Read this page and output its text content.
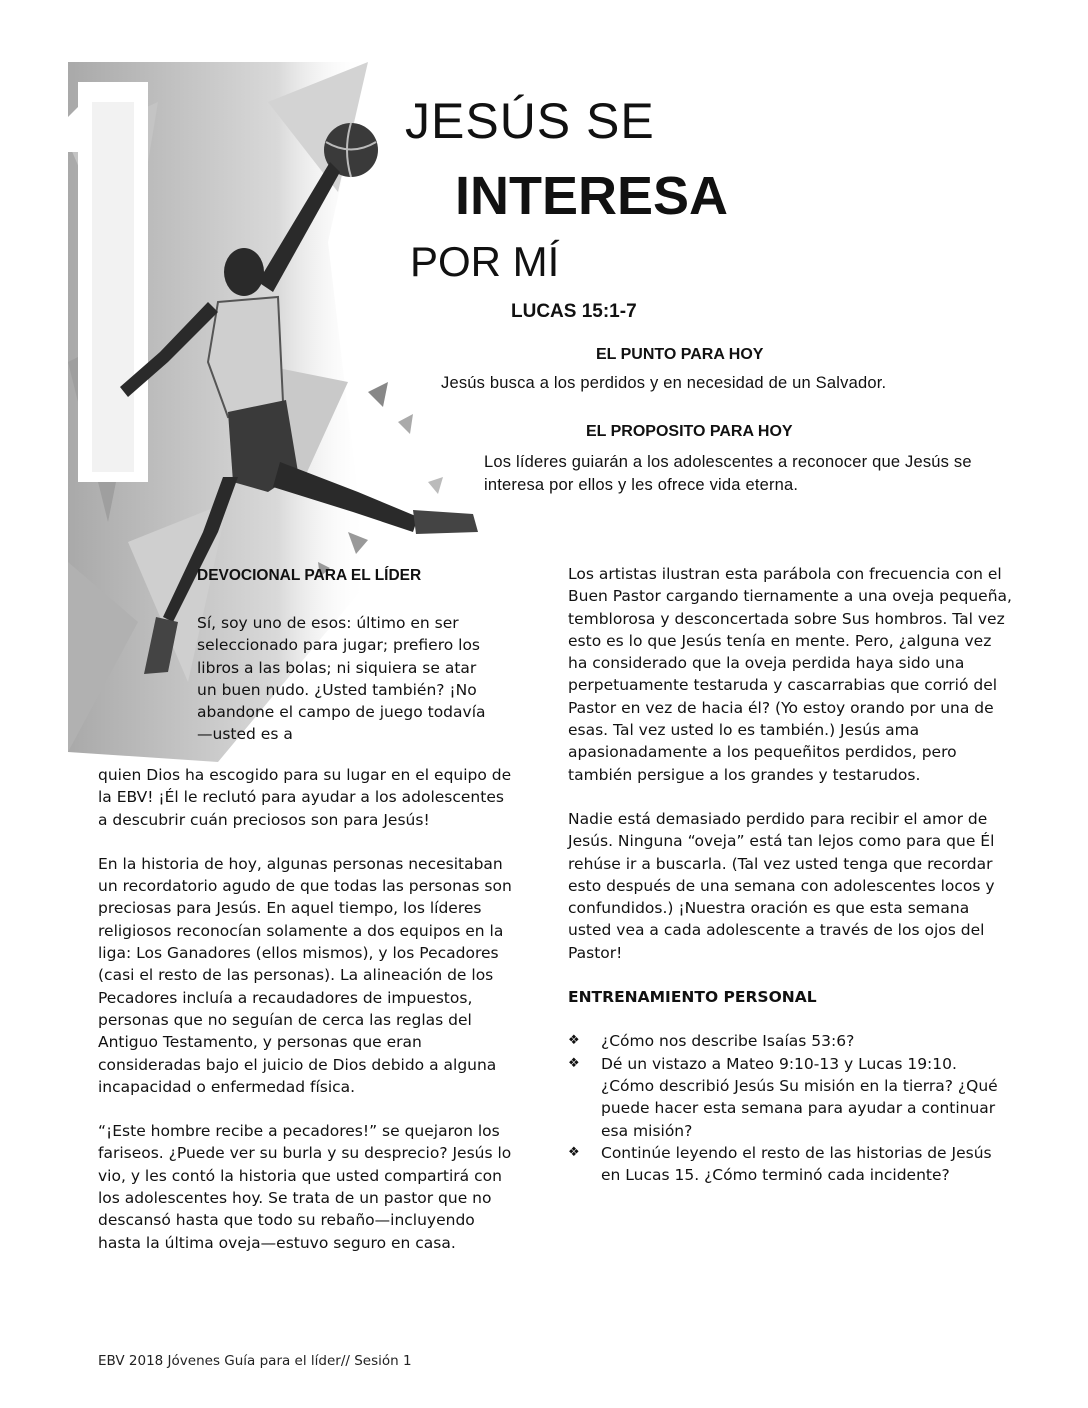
JESÚS SE
INTERESA
POR MÍ
LUCAS 15:1-7
EL PUNTO PARA HOY
Jesús busca a los perdidos y en necesidad de un Salvador.
EL PROPOSITO PARA HOY
Los líderes guiarán a los adolescentes a reconocer que Jesús se interesa por ellos y les ofrece vida eterna.
DEVOCIONAL PARA EL LÍDER
Sí, soy uno de esos: último en ser seleccionado para jugar; prefiero los libros a las bolas; ni siquiera se atar un buen nudo. ¿Usted también? ¡No abandone el campo de juego todavía—usted es a

quien Dios ha escogido para su lugar en el equipo de la EBV! ¡Él le reclutó para ayudar a los adolescentes a descubrir cuán preciosos son para Jesús!

En la historia de hoy, algunas personas necesitaban un recordatorio agudo de que todas las personas son preciosas para Jesús. En aquel tiempo, los líderes religiosos reconocían solamente a dos equipos en la liga: Los Ganadores (ellos mismos), y los Pecadores (casi el resto de las personas). La alineación de los Pecadores incluía a recaudadores de impuestos, personas que no seguían de cerca las reglas del Antiguo Testamento, y personas que eran consideradas bajo el juicio de Dios debido a alguna incapacidad o enfermedad física.

“¡Este hombre recibe a pecadores!” se quejaron los fariseos. ¿Puede ver su burla y su desprecio? Jesús lo vio, y les contó la historia que usted compartirá con los adolescentes hoy. Se trata de un pastor que no descansó hasta que todo su rebaño—incluyendo hasta la última oveja—estuvo seguro en casa.

Los artistas ilustran esta parábola con frecuencia con el Buen Pastor cargando tiernamente a una oveja pequeña, temblorosa y desconcertada sobre Sus hombros. Tal vez esto es lo que Jesús tenía en mente. Pero, ¿alguna vez ha considerado que la oveja perdida haya sido una perpetuamente testaruda y cascarrabias que corrió del Pastor en vez de hacia él? (Yo estoy orando por una de esas. Tal vez usted lo es también.) Jesús ama apasionadamente a los pequeñitos perdidos, pero también persigue a los grandes y testarudos.

Nadie está demasiado perdido para recibir el amor de Jesús. Ninguna “oveja” está tan lejos como para que Él rehúse ir a buscarla. (Tal vez usted tenga que recordar esto después de una semana con adolescentes locos y confundidos.) ¡Nuestra oración es que esta semana usted vea a cada adolescente a través de los ojos del Pastor!

ENTRENAMIENTO PERSONAL
❖ ¿Cómo nos describe Isaías 53:6?
❖ Dé un vistazo a Mateo 9:10-13 y Lucas 19:10. ¿Cómo describió Jesús Su misión en la tierra? ¿Qué puede hacer esta semana para ayudar a continuar esa misión?
❖ Continúe leyendo el resto de las historias de Jesús en Lucas 15. ¿Cómo terminó cada incidente?
EBV 2018 Jóvenes Guía para el líder// Sesión 1
